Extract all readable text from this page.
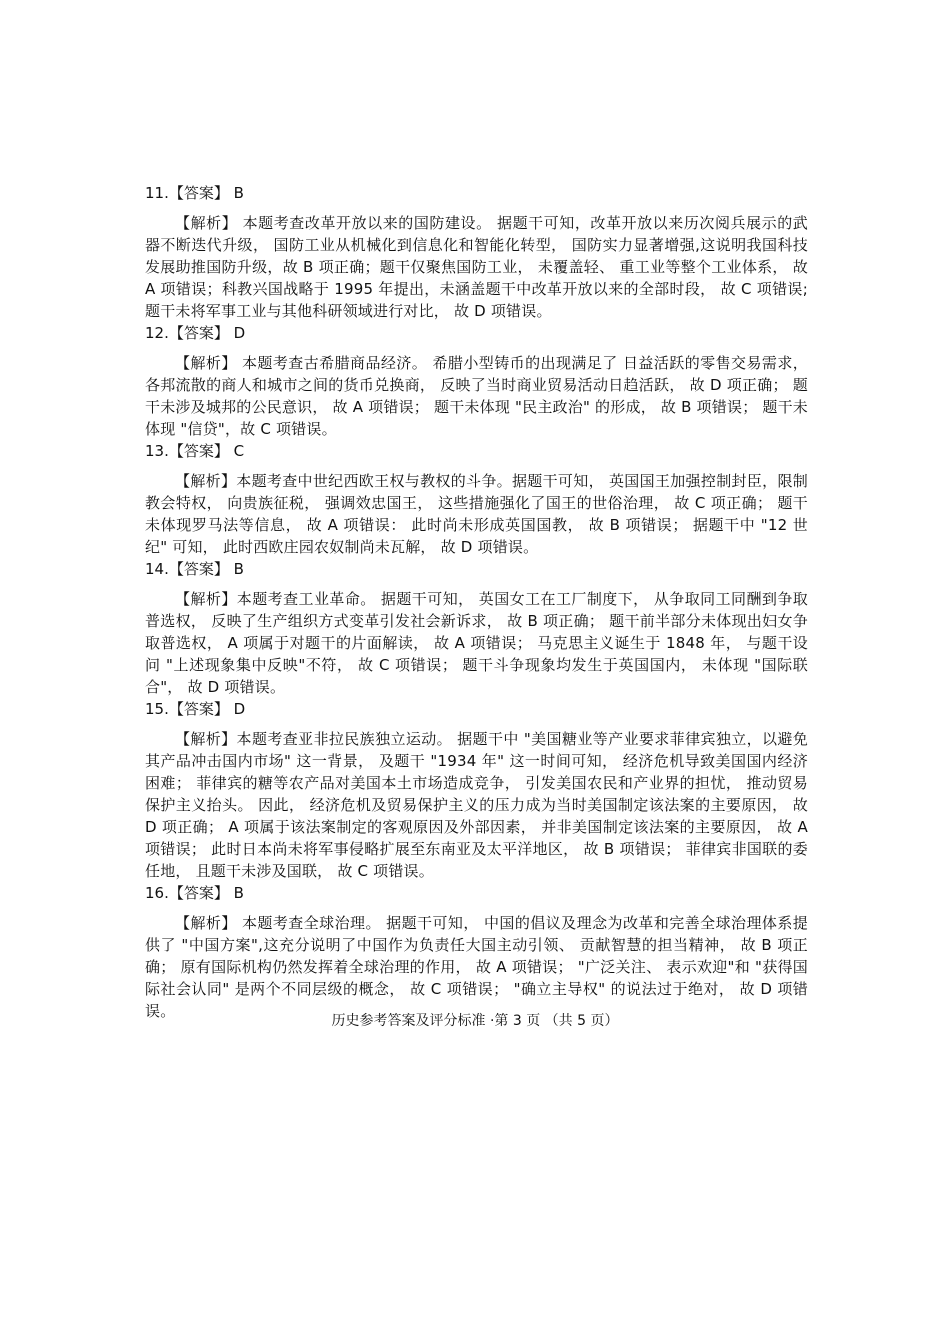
11.【答案】 B

【解析】 本题考查改革开放以来的国防建设。 据题干可知，改革开放以来历次阅兵展示的武器不断迭代升级， 国防工业从机械化到信息化和智能化转型， 国防实力显著增强,这说明我国科技发展助推国防升级，故 B 项正确；题干仅聚焦国防工业， 未覆盖轻、 重工业等整个工业体系， 故 A 项错误；科教兴国战略于 1995 年提出，未涵盖题干中改革开放以来的全部时段， 故 C 项错误;题干未将军事工业与其他科研领域进行对比， 故 D 项错误。

12.【答案】 D

【解析】 本题考查古希腊商品经济。 希腊小型铸币的出现满足了 日益活跃的零售交易需求， 各邦流散的商人和城市之间的货币兑换商， 反映了当时商业贸易活动日趋活跃， 故 D 项正确； 题干未涉及城邦的公民意识， 故 A 项错误； 题干未体现 "民主政治" 的形成， 故 B 项错误； 题干未体现 "信贷"，故 C 项错误。

13.【答案】 C

【解析】本题考查中世纪西欧王权与教权的斗争。据题干可知， 英国国王加强控制封臣，限制教会特权， 向贵族征税， 强调效忠国王， 这些措施强化了国王的世俗治理， 故 C 项正确； 题干未体现罗马法等信息， 故 A 项错误： 此时尚未形成英国国教， 故 B 项错误； 据题干中 "12 世纪" 可知， 此时西欧庄园农奴制尚未瓦解， 故 D 项错误。

14.【答案】 B

【解析】本题考查工业革命。 据题干可知， 英国女工在工厂制度下， 从争取同工同酬到争取普选权， 反映了生产组织方式变革引发社会新诉求， 故 B 项正确； 题干前半部分未体现出妇女争取普选权， A 项属于对题干的片面解读， 故 A 项错误； 马克思主义诞生于 1848 年， 与题干设问 "上述现象集中反映"不符， 故 C 项错误； 题干斗争现象均发生于英国国内， 未体现 "国际联合"， 故 D 项错误。

15.【答案】 D

【解析】本题考查亚非拉民族独立运动。 据题干中 "美国糖业等产业要求菲律宾独立，以避免其产品冲击国内市场" 这一背景， 及题干 "1934 年" 这一时间可知， 经济危机导致美国国内经济困难； 菲律宾的糖等农产品对美国本土市场造成竞争， 引发美国农民和产业界的担忧， 推动贸易保护主义抬头。 因此， 经济危机及贸易保护主义的压力成为当时美国制定该法案的主要原因， 故 D 项正确； A 项属于该法案制定的客观原因及外部因素， 并非美国制定该法案的主要原因， 故 A 项错误； 此时日本尚未将军事侵略扩展至东南亚及太平洋地区， 故 B 项错误； 菲律宾非国联的委任地， 且题干未涉及国联， 故 C 项错误。

16.【答案】 B

【解析】 本题考查全球治理。 据题干可知， 中国的倡议及理念为改革和完善全球治理体系提供了 "中国方案",这充分说明了中国作为负责任大国主动引领、 贡献智慧的担当精神， 故 B 项正确； 原有国际机构仍然发挥着全球治理的作用， 故 A 项错误； "广泛关注、 表示欢迎"和 "获得国际社会认同" 是两个不同层级的概念， 故 C 项错误； "确立主导权" 的说法过于绝对， 故 D 项错误。

历史参考答案及评分标准 ·第 3 页 （共 5 页）
